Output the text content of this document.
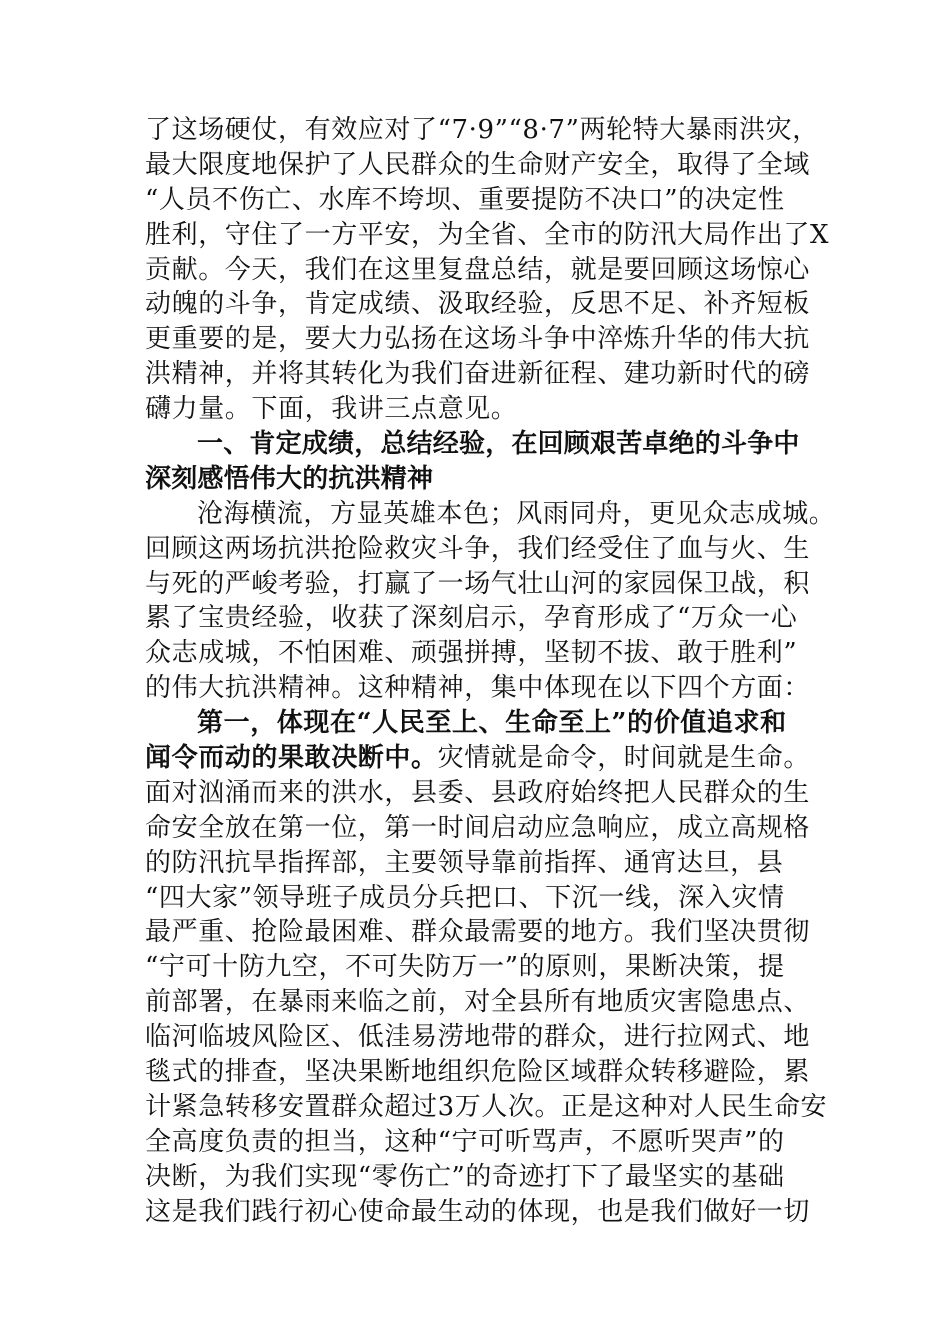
了这场硬仗，有效应对了“7·9”“8·7”两轮特大暴雨洪灾，
最大限度地保护了人民群众的生命财产安全，取得了全域
“人员不伤亡、水库不垮坝、重要提防不决口”的决定性
胜利，守住了一方平安，为全省、全市的防汛大局作出了X
贡献。今天，我们在这里复盘总结，就是要回顾这场惊心
动魄的斗争，肯定成绩、汲取经验，反思不足、补齐短板
更重要的是，要大力弘扬在这场斗争中淬炼升华的伟大抗
洪精神，并将其转化为我们奋进新征程、建功新时代的磅
礴力量。下面，我讲三点意见。
一、肯定成绩，总结经验，在回顾艰苦卓绝的斗争中
深刻感悟伟大的抗洪精神
沧海横流，方显英雄本色；风雨同舟，更见众志成城。
回顾这两场抗洪抢险救灾斗争，我们经受住了血与火、生
与死的严峻考验，打赢了一场气壮山河的家园保卫战，积
累了宝贵经验，收获了深刻启示，孕育形成了“万众一心
众志成城，不怕困难、顽强拼搏，坚韧不拔、敢于胜利”
的伟大抗洪精神。这种精神，集中体现在以下四个方面：
第一，体现在“人民至上、生命至上”的价值追求和
闻令而动的果敢决断中。灾情就是命令，时间就是生命。
面对汹涌而来的洪水，县委、县政府始终把人民群众的生
命安全放在第一位，第一时间启动应急响应，成立高规格
的防汛抗旱指挥部，主要领导靠前指挥、通宵达旦，县
“四大家”领导班子成员分兵把口、下沉一线，深入灾情
最严重、抢险最困难、群众最需要的地方。我们坚决贯彻
“宁可十防九空，不可失防万一”的原则，果断决策，提
前部署，在暴雨来临之前，对全县所有地质灾害隐患点、
临河临坡风险区、低洼易涝地带的群众，进行拉网式、地
毯式的排查，坚决果断地组织危险区域群众转移避险，累
计紧急转移安置群众超过3万人次。正是这种对人民生命安
全高度负责的担当，这种“宁可听骂声，不愿听哭声”的
决断，为我们实现“零伤亡”的奇迹打下了最坚实的基础
这是我们践行初心使命最生动的体现，也是我们做好一切
